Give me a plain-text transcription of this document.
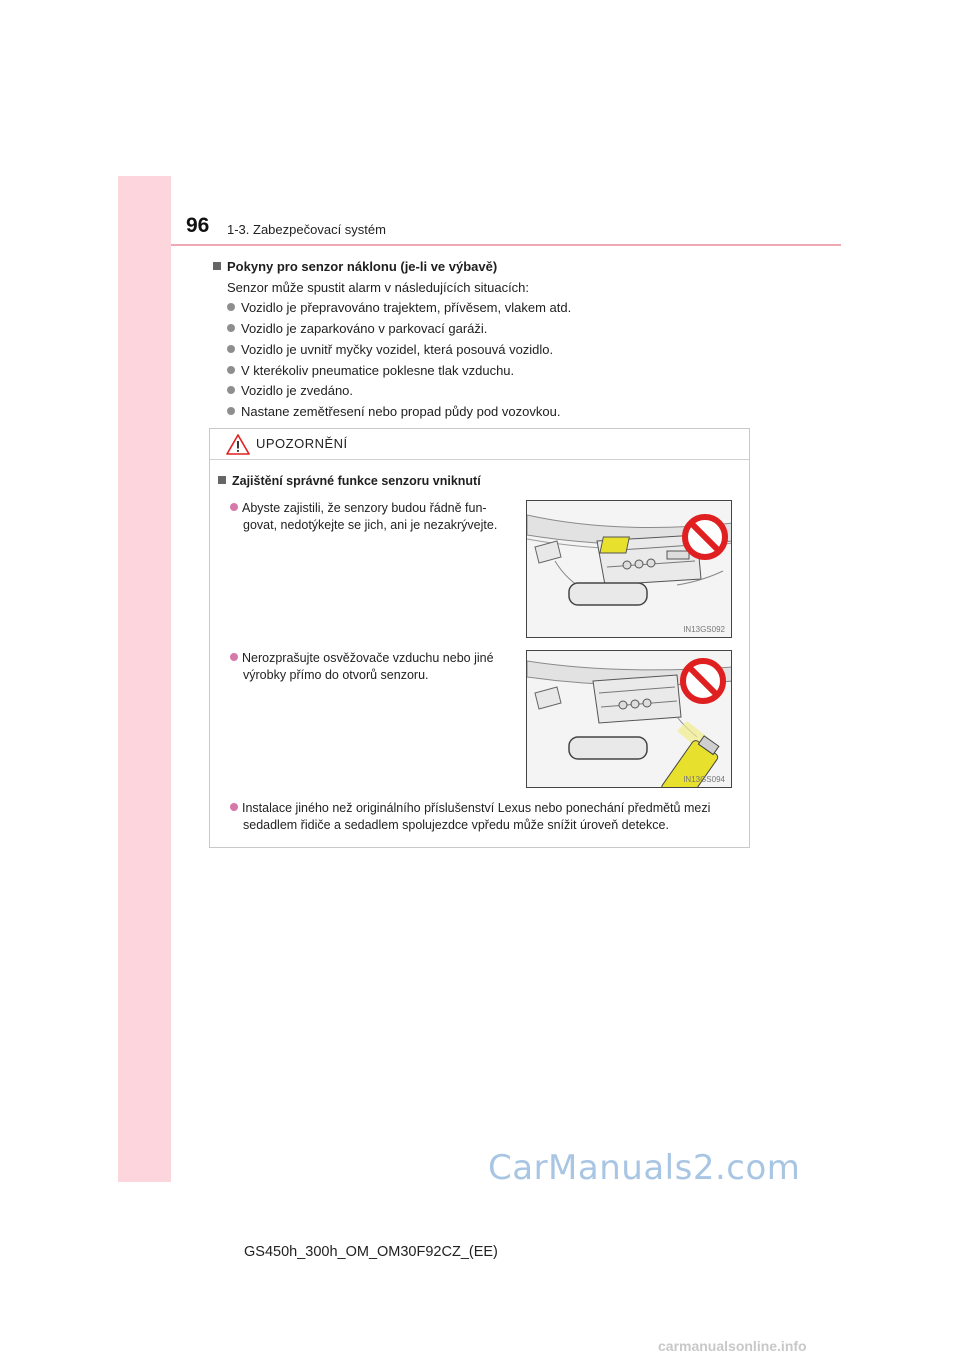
96 1-3. Zabezpečovací systém
Pokyny pro senzor náklonu (je-li ve výbavě)
Senzor může spustit alarm v následujících situacích:
Vozidlo je přepravováno trajektem, přívěsem, vlakem atd.
Vozidlo je zaparkováno v parkovací garáži.
Vozidlo je uvnitř myčky vozidel, která posouvá vozidlo.
V kterékoliv pneumatice poklesne tlak vzduchu.
Vozidlo je zvedáno.
Nastane zemětřesení nebo propad půdy pod vozovkou.
UPOZORNĚNÍ
Zajištění správné funkce senzoru vniknutí
Abyste zajistili, že senzory budou řádně fun-
govat, nedotýkejte se jich, ani je nezakrývejte.
IN13GS092
Nerozprašujte osvěžovače vzduchu nebo jiné
výrobky přímo do otvorů senzoru.
IN13GS094
Instalace jiného než originálního příslušenství Lexus nebo ponechání předmětů mezi
sedadlem řidiče a sedadlem spolujezdce vpředu může snížit úroveň detekce.
GS450h_300h_OM_OM30F92CZ_(EE)
CarManuals2.com
carmanualsonline.info
